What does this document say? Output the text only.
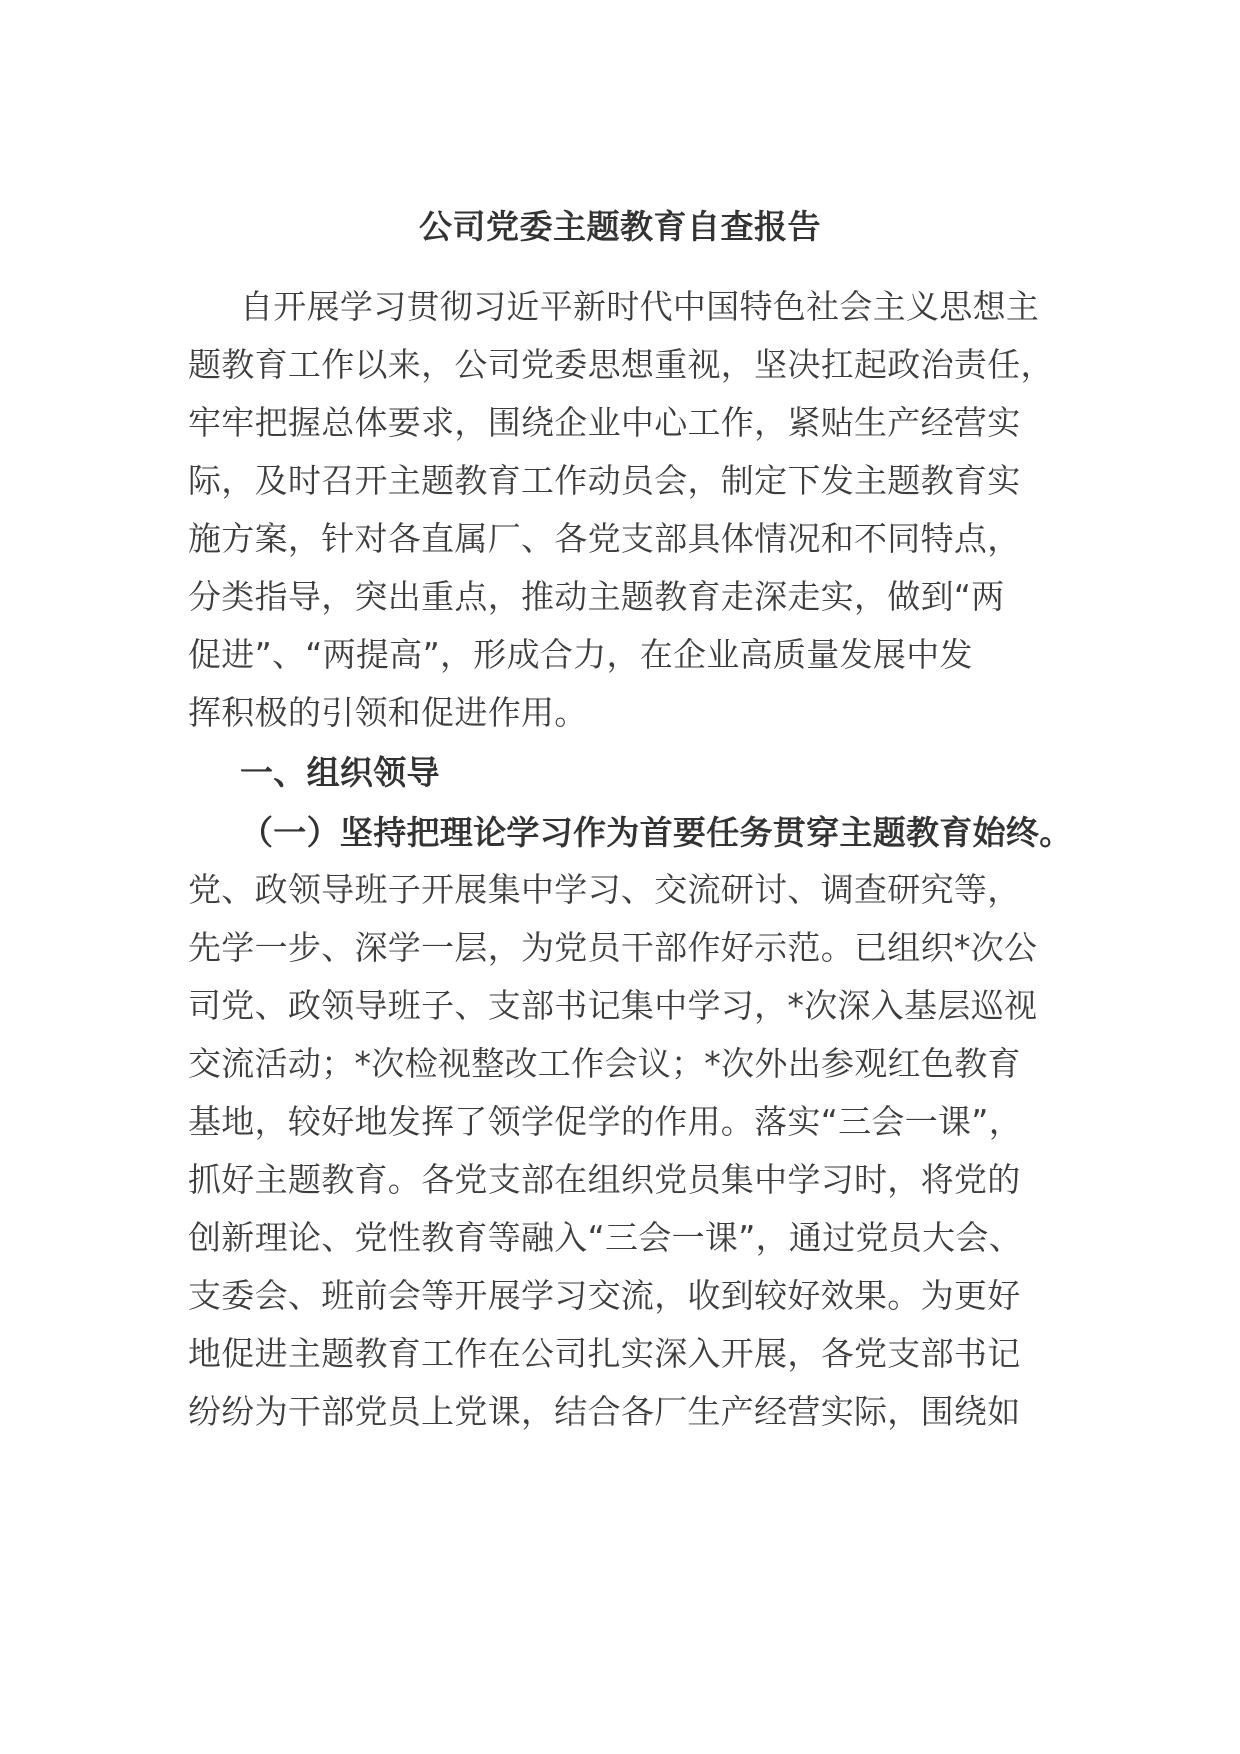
公司党委主题教育自查报告
自开展学习贯彻习近平新时代中国特色社会主义思想主
题教育工作以来，公司党委思想重视，坚决扛起政治责任，
牢牢把握总体要求，围绕企业中心工作，紧贴生产经营实
际，及时召开主题教育工作动员会，制定下发主题教育实
施方案，针对各直属厂、各党支部具体情况和不同特点，
分类指导，突出重点，推动主题教育走深走实，做到“两
促进”、“两提高”，形成合力，在企业高质量发展中发
挥积极的引领和促进作用。
一、组织领导
（一）坚持把理论学习作为首要任务贯穿主题教育始终。
党、政领导班子开展集中学习、交流研讨、调查研究等，
先学一步、深学一层，为党员干部作好示范。已组织*次公
司党、政领导班子、支部书记集中学习，*次深入基层巡视
交流活动；*次检视整改工作会议；*次外出参观红色教育
基地，较好地发挥了领学促学的作用。落实“三会一课”，
抓好主题教育。各党支部在组织党员集中学习时，将党的
创新理论、党性教育等融入“三会一课”，通过党员大会、
支委会、班前会等开展学习交流，收到较好效果。为更好
地促进主题教育工作在公司扎实深入开展，各党支部书记
纷纷为干部党员上党课，结合各厂生产经营实际，围绕如
